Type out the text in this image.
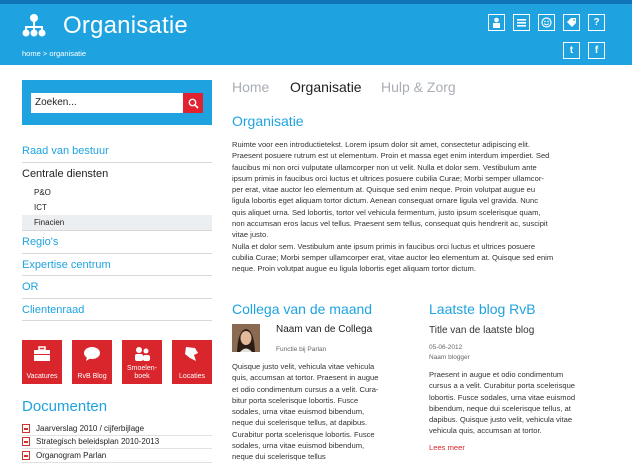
Organisatie
home > organisatie
?
t f
Zoeken...
Raad van bestuur
Centrale diensten
P&O
ICT
Finacien
Regio's
Expertise centrum
OR
Clientenraad
Vacatures	RvB Blog
Smoelen-
boek	Locaties
Documenten
Jaarverslag 2010 / cijferbijlage
Strategisch beleidsplan 2010-2013
Organogram Parlan
Home Organisatie Hulp & Zorg
Organisatie
Ruimte voor een introductietekst. Lorem ipsum dolor sit amet, consectetur adipiscing elit.
Praesent posuere rutrum est ut elementum. Proin et massa eget enim interdum imperdiet. Sed
faucibus mi non orci vulputate ullamcorper non ut velit. Nulla et dolor sem. Vestibulum ante
ipsum primis in faucibus orci luctus et ultrices posuere cubilia Curae; Morbi semper ullamcor-
per erat, vitae auctor leo elementum at. Quisque sed enim neque. Proin volutpat augue eu
ligula lobortis eget aliquam tortor dictum. Aenean consequat ornare ligula vel gravida. Nunc
quis aliquet urna. Sed lobortis, tortor vel vehicula fermentum, justo ipsum scelerisque quam,
non accumsan eros lacus vel tellus. Praesent sem tellus, consequat quis hendrerit ac, suscipit
vitae justo.
Nulla et dolor sem. Vestibulum ante ipsum primis in faucibus orci luctus et ultrices posuere
cubilia Curae; Morbi semper ullamcorper erat, vitae auctor leo elementum at. Quisque sed enim
neque. Proin volutpat augue eu ligula lobortis eget aliquam tortor dictum.
Collega van de maand
Naam van de Collega
Functie bij Parlan
Quisque justo velit, vehicula vitae vehicula
quis, accumsan at tortor. Praesent in augue
et odio condimentum cursus a a velit. Cura-
bitur porta scelerisque lobortis. Fusce
sodales, urna vitae euismod bibendum,
neque dui scelerisque tellus, at dapibus.
Curabitur porta scelerisque lobortis. Fusce
sodales, urna vitae euismod bibendum,
neque dui scelerisque tellus
Laatste blog RvB
Title van de laatste blog
05-06-2012
Naam blogger
Praesent in augue et odio condimentum
cursus a a velit. Curabitur porta scelerisque
lobortis. Fusce sodales, urna vitae euismod
bibendum, neque dui scelerisque tellus, at
dapibus. Quisque justo velit, vehicula vitae
vehicula quis, accumsan at tortor.
Lees meer
